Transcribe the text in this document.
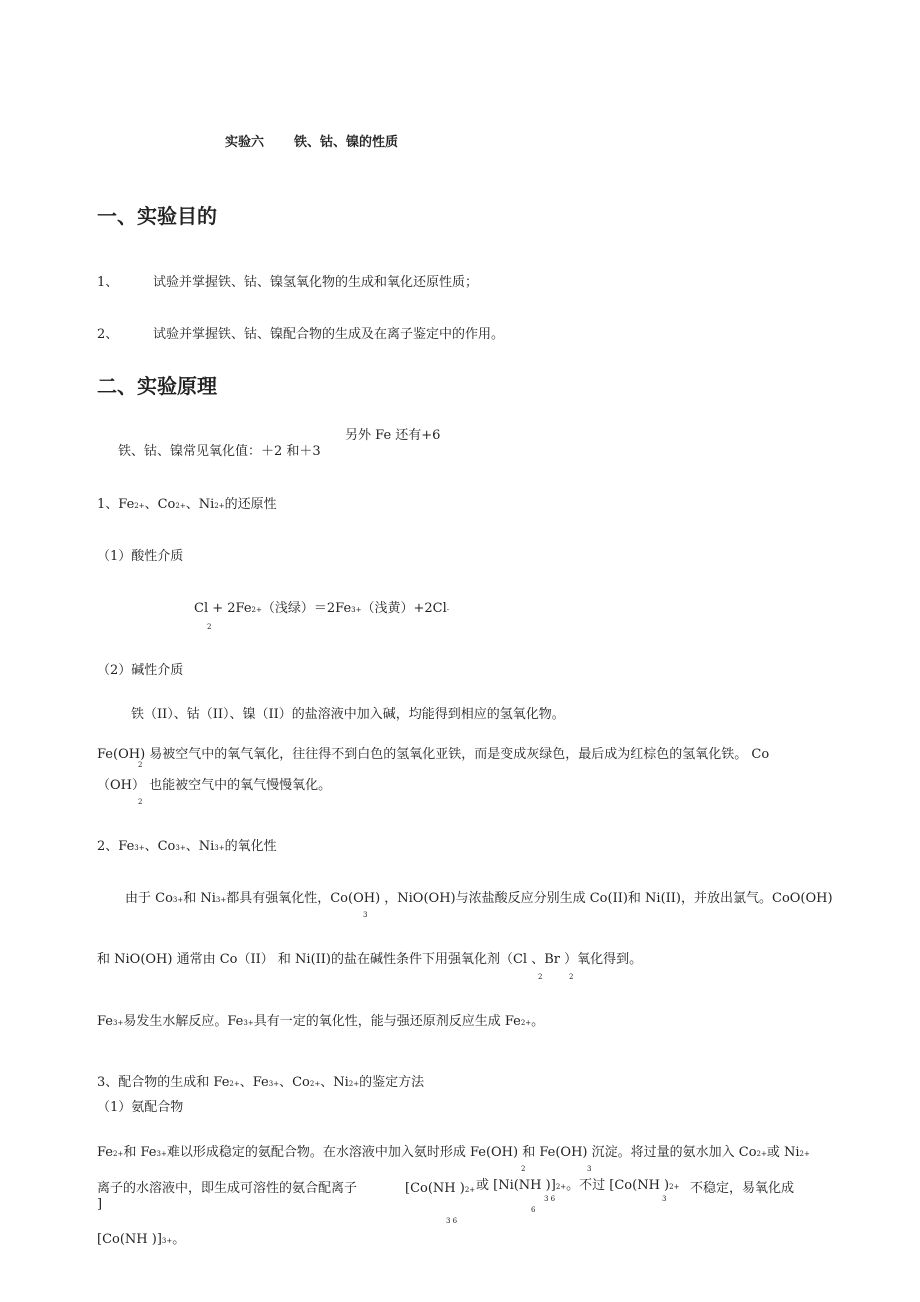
实验六 铁、钴、镍的性质
一、实验目的
1、	试验并掌握铁、钴、镍氢氧化物的生成和氧化还原性质；
2、	试验并掌握铁、钴、镍配合物的生成及在离子鉴定中的作用。
二、实验原理
另外 Fe 还有+6
铁、钴、镍常见氧化值：＋2 和＋3
1、Fe2+、Co2+、Ni2+的还原性
（1）酸性介质
Cl + 2Fe2+（浅绿）＝2Fe3+（浅黄）+2Cl-
2
（2）碱性介质
铁（II）、钴（II）、镍（II）的盐溶液中加入碱，均能得到相应的氢氧化物。
Fe(OH) 易被空气中的氧气氧化，往往得不到白色的氢氧化亚铁，而是变成灰绿色，最后成为红棕色的氢氧化铁。 Co
2
（OH） 也能被空气中的氧气慢慢氧化。
2
2、Fe3+、Co3+、Ni3+的氧化性
由于 Co3+和 Ni3+都具有强氧化性，Co(OH) ，NiO(OH)与浓盐酸反应分别生成 Co(II)和 Ni(II)，并放出氯气。CoO(OH)
3
和 NiO(OH) 通常由 Co（II） 和 Ni(II)的盐在碱性条件下用强氧化剂（Cl 、Br ）氧化得到。
2	2
Fe3+易发生水解反应。Fe3+具有一定的氧化性，能与强还原剂反应生成 Fe2+。
3、配合物的生成和 Fe2+、Fe3+、Co2+、Ni2+的鉴定方法
（1）氨配合物
Fe2+和 Fe3+难以形成稳定的氨配合物。在水溶液中加入氨时形成 Fe(OH) 和 Fe(OH) 沉淀。将过量的氨水加入 Co2+或 Ni2+
2	3
离子的水溶液中，即生成可溶性的氨合配离子	[Co(NH )2+ 或 [Ni(NH )]2+。不过 [Co(NH )2+ 不稳定，易氧化成
]	3 6
6
3
3 6
[Co(NH )]3+。
